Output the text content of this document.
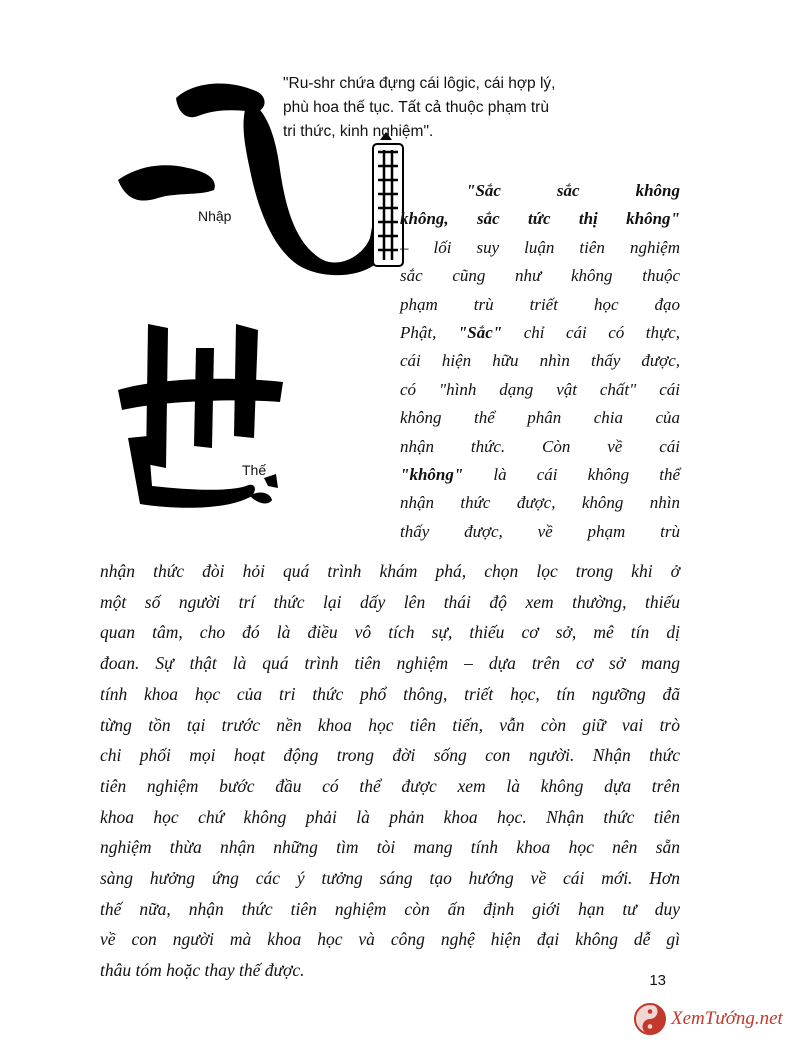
Nhập
Thế
"Ru-shr chứa đựng cái lôgic, cái hợp lý,
phù hoa thế tục. Tất cả thuộc phạm trù
tri thức, kinh nghiệm".
"Sắc sắc không
không, sắc tức thị không"
– lối suy luận tiên nghiệm
sắc cũng như không thuộc
phạm trù triết học đạo
Phật, "Sắc" chỉ cái có thực,
cái hiện hữu nhìn thấy được,
có "hình dạng vật chất" cái
không thể phân chia của
nhận thức. Còn về cái
"không" là cái không thể
nhận thức được, không nhìn
thấy được, về phạm trù
nhận thức đòi hỏi quá trình khám phá, chọn lọc trong khi ở
một số người trí thức lại dấy lên thái độ xem thường, thiếu
quan tâm, cho đó là điều vô tích sự, thiếu cơ sở, mê tín dị
đoan. Sự thật là quá trình tiên nghiệm – dựa trên cơ sở mang
tính khoa học của tri thức phổ thông, triết học, tín ngưỡng đã
từng tồn tại trước nền khoa học tiên tiến, vẫn còn giữ vai trò
chi phối mọi hoạt động trong đời sống con người. Nhận thức
tiên nghiệm bước đầu có thể được xem là không dựa trên
khoa học chứ không phải là phản khoa học. Nhận thức tiên
nghiệm thừa nhận những tìm tòi mang tính khoa học nên sẵn
sàng hưởng ứng các ý tưởng sáng tạo hướng về cái mới. Hơn
thế nữa, nhận thức tiên nghiệm còn ấn định giới hạn tư duy
về con người mà khoa học và công nghệ hiện đại không dễ gì
thâu tóm hoặc thay thế được.
13
XemTướng.net
